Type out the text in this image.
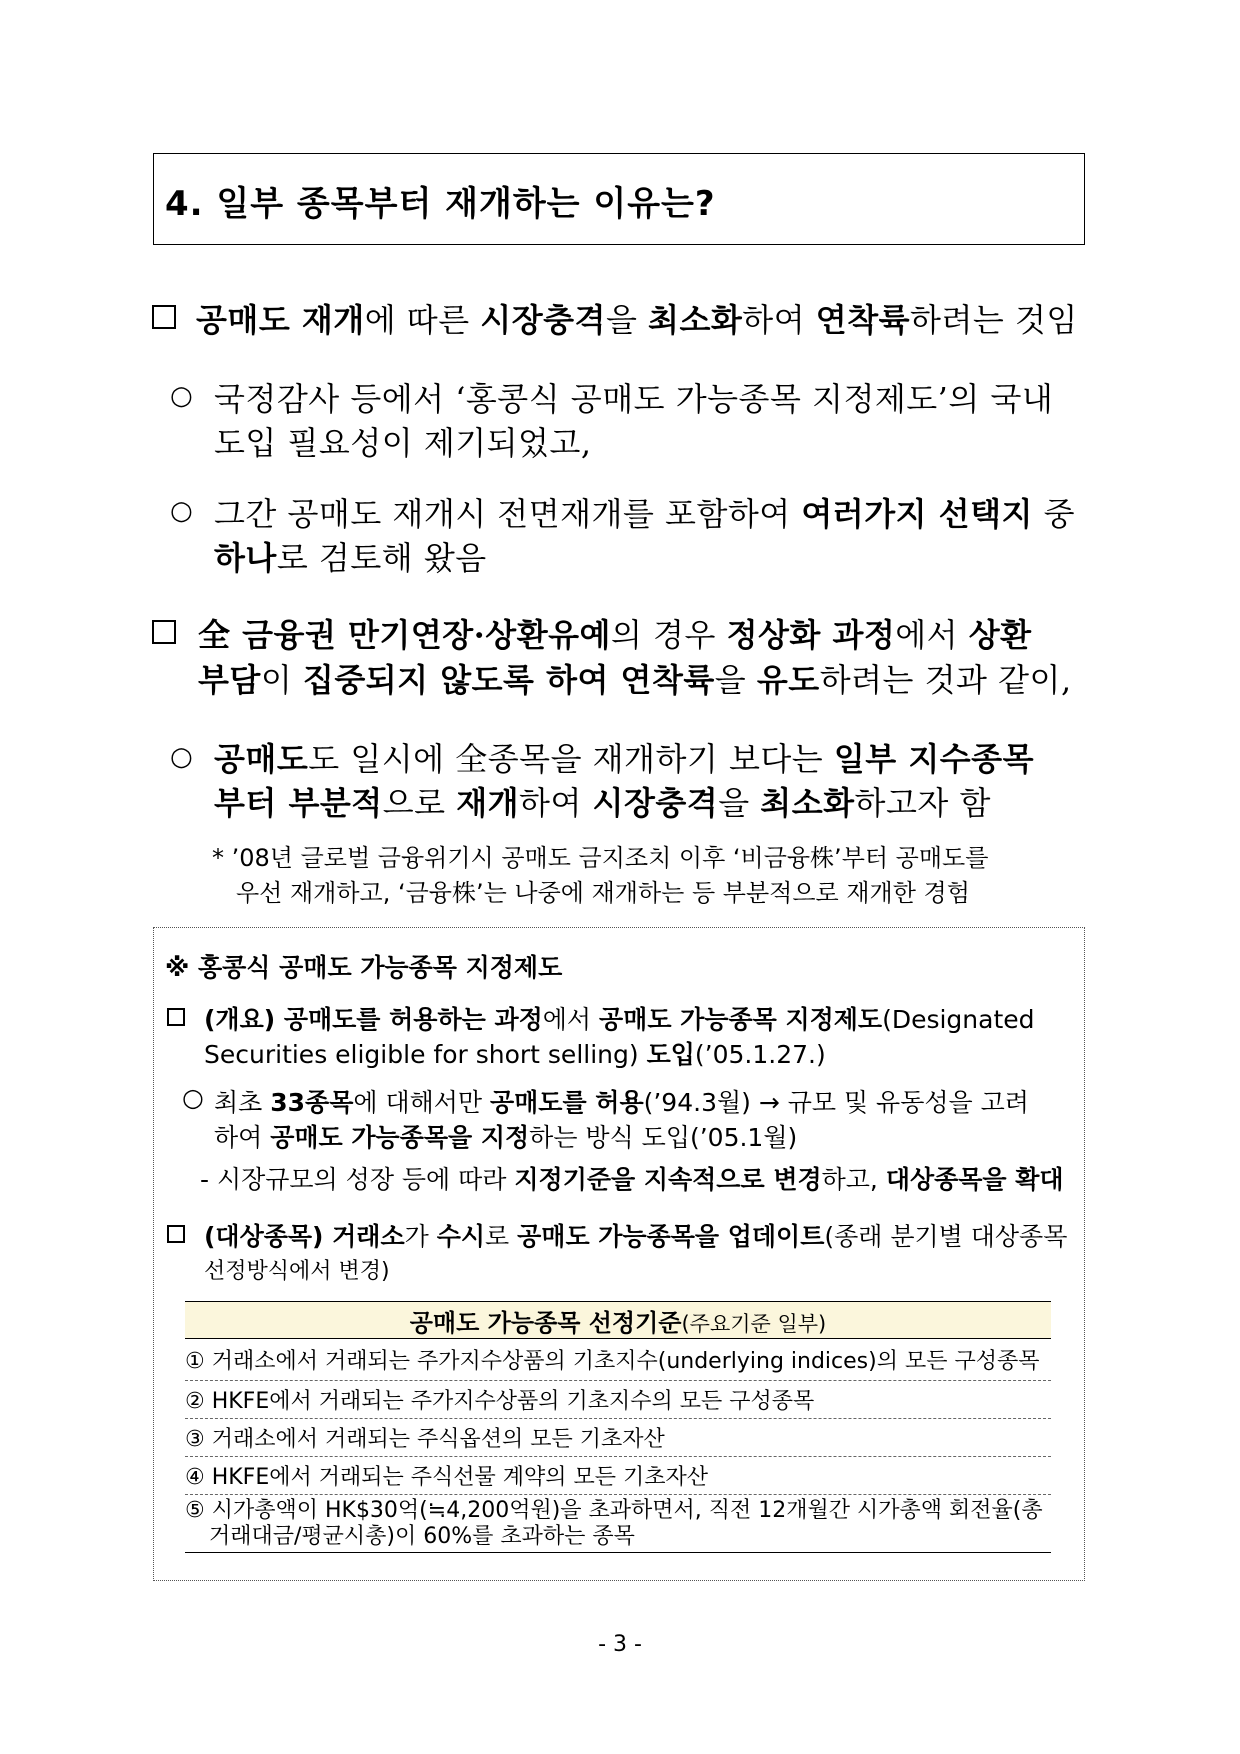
4. 일부 종목부터 재개하는 이유는?
공매도 재개에 따른 시장충격을 최소화하여 연착륙하려는 것임
○ 국정감사 등에서 ‘홍콩식 공매도 가능종목 지정제도’의 국내
도입 필요성이 제기되었고,
○ 그간 공매도 재개시 전면재개를 포함하여 여러가지 선택지 중
하나로 검토해 왔음
全 금융권 만기연장·상환유예의 경우 정상화 과정에서 상환
부담이 집중되지 않도록 하여 연착륙을 유도하려는 것과 같이,
○ 공매도도 일시에 全종목을 재개하기 보다는 일부 지수종목
부터 부분적으로 재개하여 시장충격을 최소화하고자 함
* ’08년 글로벌 금융위기시 공매도 금지조치 이후 ‘비금융株’부터 공매도를
우선 재개하고, ‘금융株’는 나중에 재개하는 등 부분적으로 재개한 경험
※ 홍콩식 공매도 가능종목 지정제도
(개요) 공매도를 허용하는 과정에서 공매도 가능종목 지정제도(Designated
Securities eligible for short selling) 도입(’05.1.27.)
○ 최초 33종목에 대해서만 공매도를 허용(’94.3월) → 규모 및 유동성을 고려
하여 공매도 가능종목을 지정하는 방식 도입(’05.1월)
- 시장규모의 성장 등에 따라 지정기준을 지속적으로 변경하고, 대상종목을 확대
(대상종목) 거래소가 수시로 공매도 가능종목을 업데이트(종래 분기별 대상종목
선정방식에서 변경)
공매도 가능종목 선정기준(주요기준 일부)
① 거래소에서 거래되는 주가지수상품의 기초지수(underlying indices)의 모든 구성종목
② HKFE에서 거래되는 주가지수상품의 기초지수의 모든 구성종목
③ 거래소에서 거래되는 주식옵션의 모든 기초자산
④ HKFE에서 거래되는 주식선물 계약의 모든 기초자산

⑤ 시가총액이 HK$30억(≒4,200억원)을 초과하면서, 직전 12개월간 시가총액 회전율(총
거래대금/평균시총)이 60%를 초과하는 종목
- 3 -
